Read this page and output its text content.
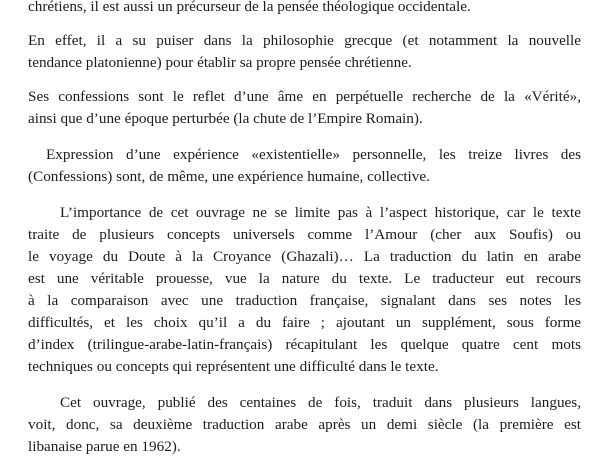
chrétiens, il est aussi un précurseur de la pensée théologique occidentale.

En effet, il a su puiser dans la philosophie grecque (et notamment la nouvelle
tendance platonienne) pour établir sa propre pensée chrétienne.

Ses confessions sont le reflet d’une âme en perpétuelle recherche de la «Vérité»,
ainsi que d’une époque perturbée (la chute de l’Empire Romain).

Expression d’une expérience «existentielle» personnelle, les treize livres des
(Confessions) sont, de même, une expérience humaine, collective.

L’importance de cet ouvrage ne se limite pas à l’aspect historique, car le texte
traite de plusieurs concepts universels comme l’Amour (cher aux Soufis) ou
le voyage du Doute à la Croyance (Ghazali)… La traduction du latin en arabe
est une véritable prouesse, vue la nature du texte. Le traducteur eut recours
à la comparaison avec une traduction française, signalant dans ses notes les
difficultés, et les choix qu’il a du faire ; ajoutant un supplément, sous forme
d’index (trilingue-arabe-latin-français) récapitulant les quelque quatre cent mots
techniques ou concepts qui représentent une difficulté dans le texte.

Cet ouvrage, publié des centaines de fois, traduit dans plusieurs langues,
voit, donc, sa deuxième traduction arabe après un demi siècle (la première est
libanaise parue en 1962).
